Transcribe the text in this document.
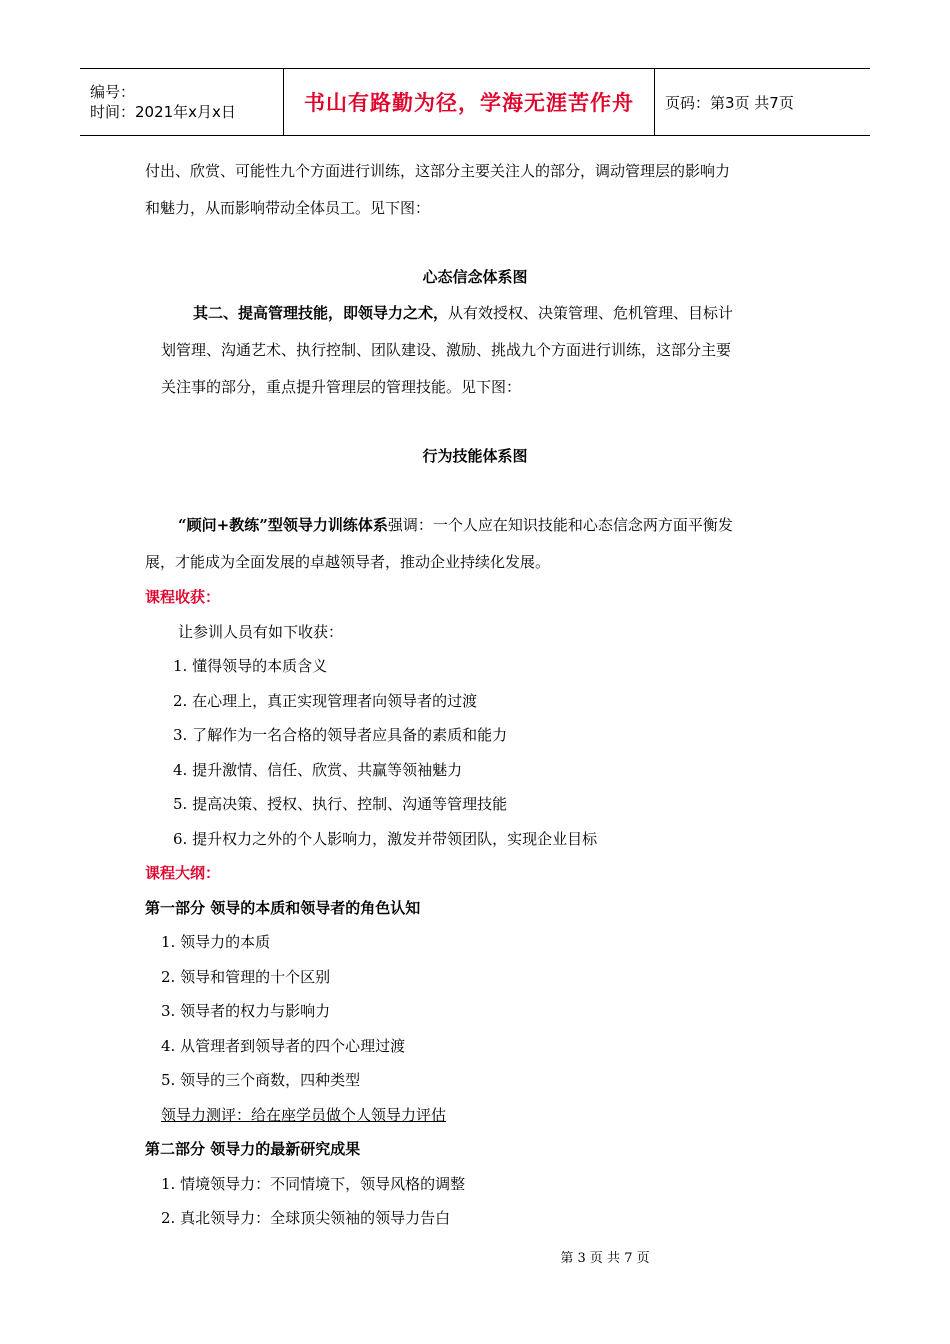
编号：
时间：2021年x月x日	书山有路勤为径，学海无涯苦作舟 页码：第3页 共7页
付出、欣赏、可能性九个方面进行训练，这部分主要关注人的部分，调动管理层的影响力
和魅力，从而影响带动全体员工。见下图：
心态信念体系图
其二、提高管理技能，即领导力之术，从有效授权、决策管理、危机管理、目标计
划管理、沟通艺术、执行控制、团队建设、激励、挑战九个方面进行训练，这部分主要
关注事的部分，重点提升管理层的管理技能。见下图：
行为技能体系图
“顾问+教练”型领导力训练体系强调：一个人应在知识技能和心态信念两方面平衡发
展，才能成为全面发展的卓越领导者，推动企业持续化发展。
课程收获：
让参训人员有如下收获：
1. 懂得领导的本质含义
2. 在心理上，真正实现管理者向领导者的过渡
3. 了解作为一名合格的领导者应具备的素质和能力
4. 提升激情、信任、欣赏、共赢等领袖魅力
5. 提高决策、授权、执行、控制、沟通等管理技能
6. 提升权力之外的个人影响力，激发并带领团队，实现企业目标
课程大纲：
第一部分 领导的本质和领导者的角色认知
1. 领导力的本质
2. 领导和管理的十个区别
3. 领导者的权力与影响力
4. 从管理者到领导者的四个心理过渡
5. 领导的三个商数，四种类型
领导力测评：给在座学员做个人领导力评估
第二部分 领导力的最新研究成果
1. 情境领导力：不同情境下，领导风格的调整
2. 真北领导力：全球顶尖领袖的领导力告白
第 3 页 共 7 页
